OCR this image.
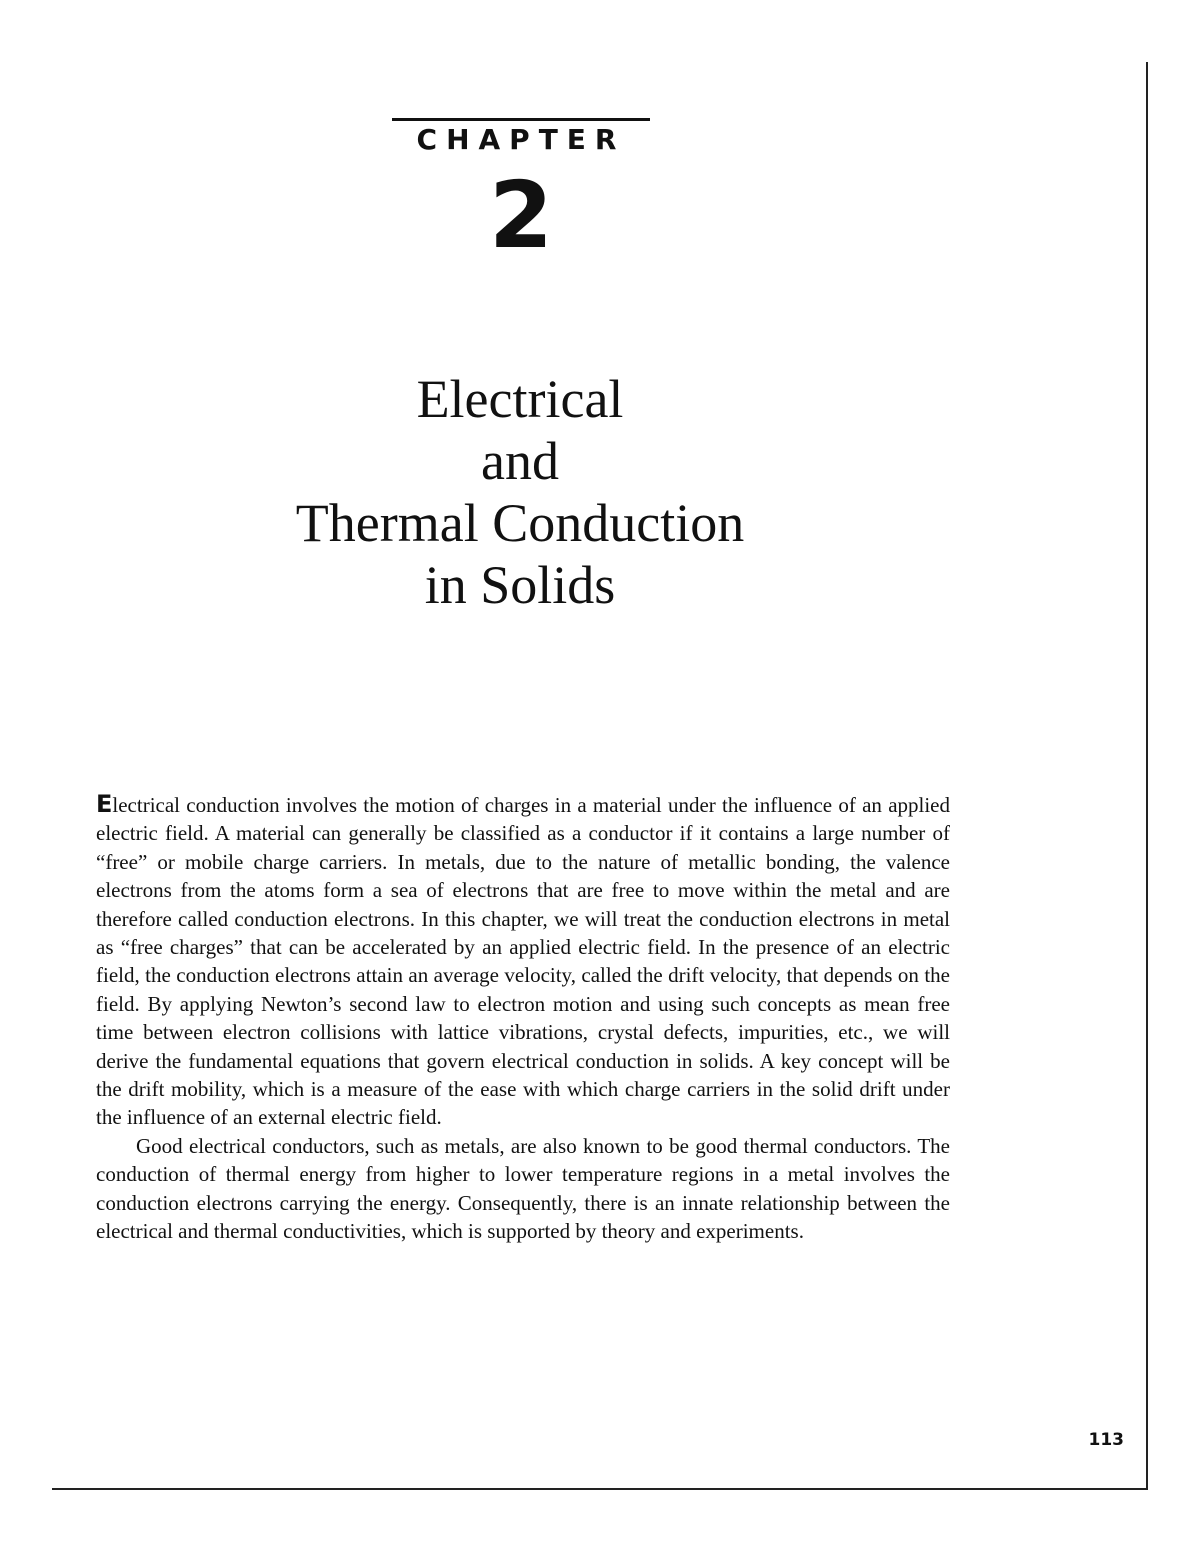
CHAPTER
2
Electrical
and
Thermal Conduction
in Solids

Electrical conduction involves the motion of charges in a material under the influence of an applied electric field. A material can generally be classified as a conductor if it contains a large number of “free” or mobile charge carriers. In metals, due to the nature of metallic bonding, the valence electrons from the atoms form a sea of electrons that are free to move within the metal and are therefore called conduction electrons. In this chapter, we will treat the conduction electrons in metal as “free charges” that can be accelerated by an applied electric field. In the presence of an electric field, the conduction electrons attain an average velocity, called the drift velocity, that depends on the field. By applying Newton’s second law to electron motion and using such concepts as mean free time between electron collisions with lattice vibrations, crystal defects, impurities, etc., we will derive the fundamental equations that govern electrical conduction in solids. A key concept will be the drift mobility, which is a measure of the ease with which charge carriers in the solid drift under the influence of an external electric field.

Good electrical conductors, such as metals, are also known to be good thermal conductors. The conduction of thermal energy from higher to lower temperature regions in a metal involves the conduction electrons carrying the energy. Consequently, there is an innate relationship between the electrical and thermal conductivities, which is supported by theory and experiments.

113
